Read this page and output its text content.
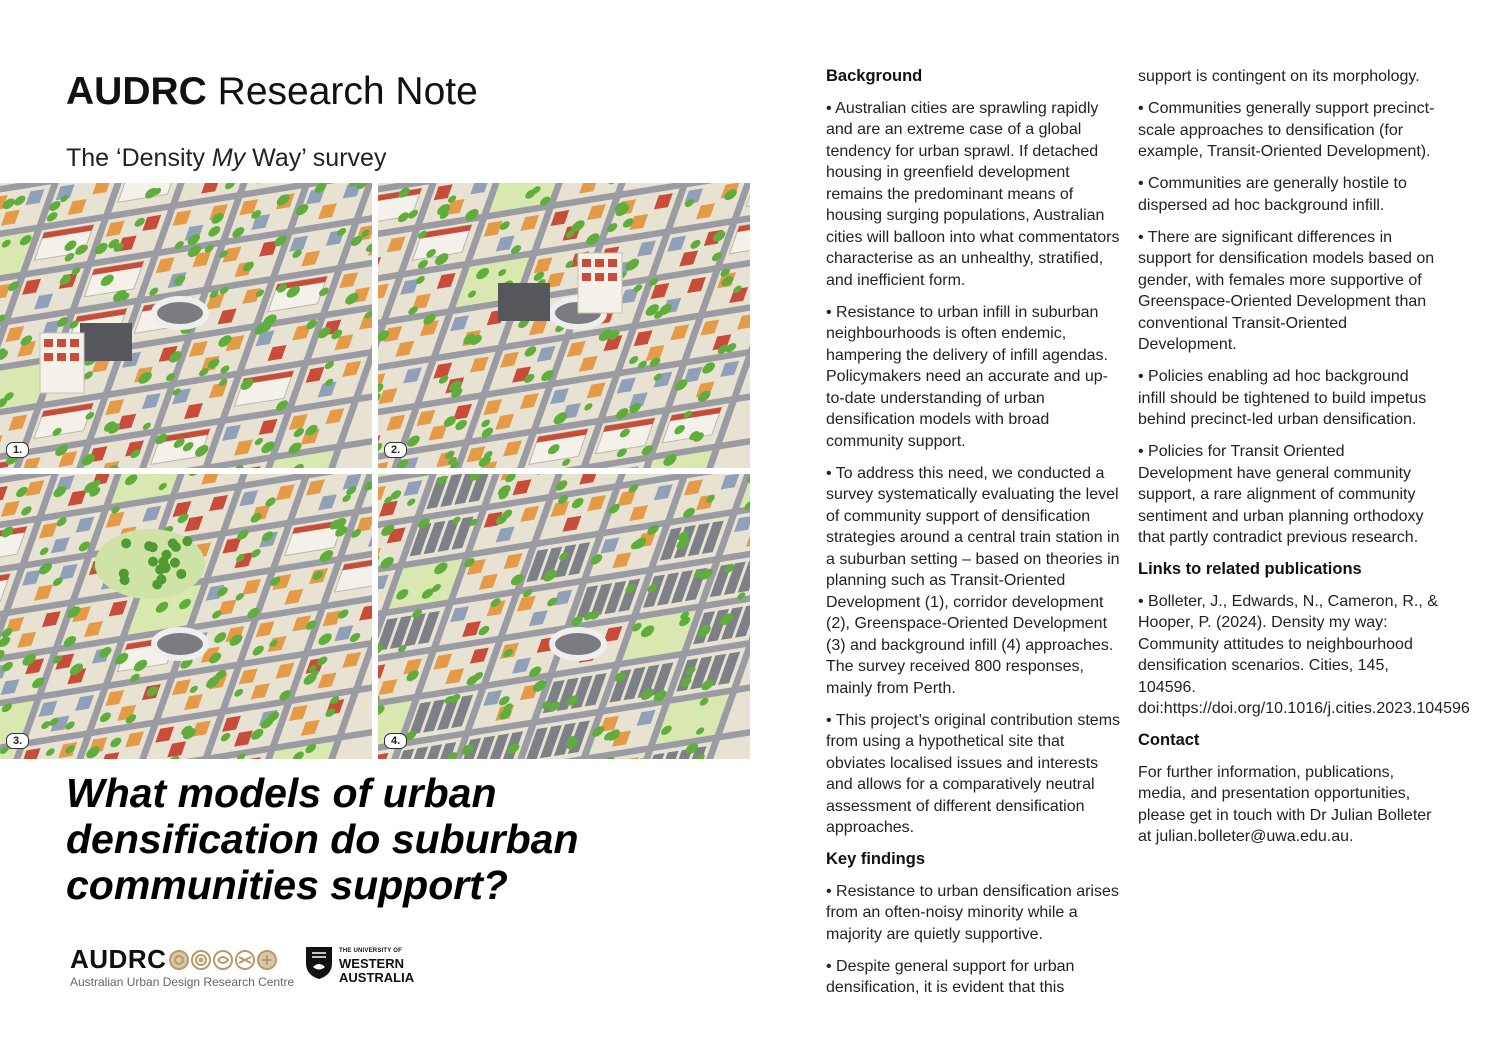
AUDRC Research Note
The ‘Density My Way’ survey
1.	2.
3.	4.
What models of urban densification do suburban communities support?
AUDRC
Australian Urban Design Research Centre
THE UNIVERSITY OF
WESTERN
AUSTRALIA
Background

• Australian cities are sprawling rapidly and are an extreme case of a global tendency for urban sprawl. If detached housing in greenfield development remains the predominant means of housing surging populations, Australian cities will balloon into what commentators characterise as an unhealthy, stratified, and inefficient form.

• Resistance to urban infill in suburban neighbourhoods is often endemic, hampering the delivery of infill agendas. Policymakers need an accurate and up-to-date understanding of urban densification models with broad community support.

• To address this need, we conducted a survey systematically evaluating the level of community support of densification strategies around a central train station in a suburban setting – based on theories in planning such as Transit-Oriented Development (1), corridor development (2), Greenspace-Oriented Development (3) and background infill (4) approaches. The survey received 800 responses, mainly from Perth.

• This project’s original contribution stems from using a hypothetical site that obviates localised issues and interests and allows for a comparatively neutral assessment of different densification approaches.

Key findings

• Resistance to urban densification arises from an often-noisy minority while a majority are quietly supportive.

• Despite general support for urban densification, it is evident that this

support is contingent on its morphology.

• Communities generally support precinct-scale approaches to densification (for example, Transit-Oriented Development).

• Communities are generally hostile to dispersed ad hoc background infill.

• There are significant differences in support for densification models based on gender, with females more supportive of Greenspace-Oriented Development than conventional Transit-Oriented Development.

• Policies enabling ad hoc background infill should be tightened to build impetus behind precinct-led urban densification.

• Policies for Transit Oriented Development have general community support, a rare alignment of community sentiment and urban planning orthodoxy that partly contradict previous research.

Links to related publications

• Bolleter, J., Edwards, N., Cameron, R., & Hooper, P. (2024). Density my way: Community attitudes to neighbourhood densification scenarios. Cities, 145, 104596. doi:https://doi.org/10.1016/j.cities.2023.104596

Contact

For further information, publications, media, and presentation opportunities, please get in touch with Dr Julian Bolleter at julian.bolleter@uwa.edu.au.
